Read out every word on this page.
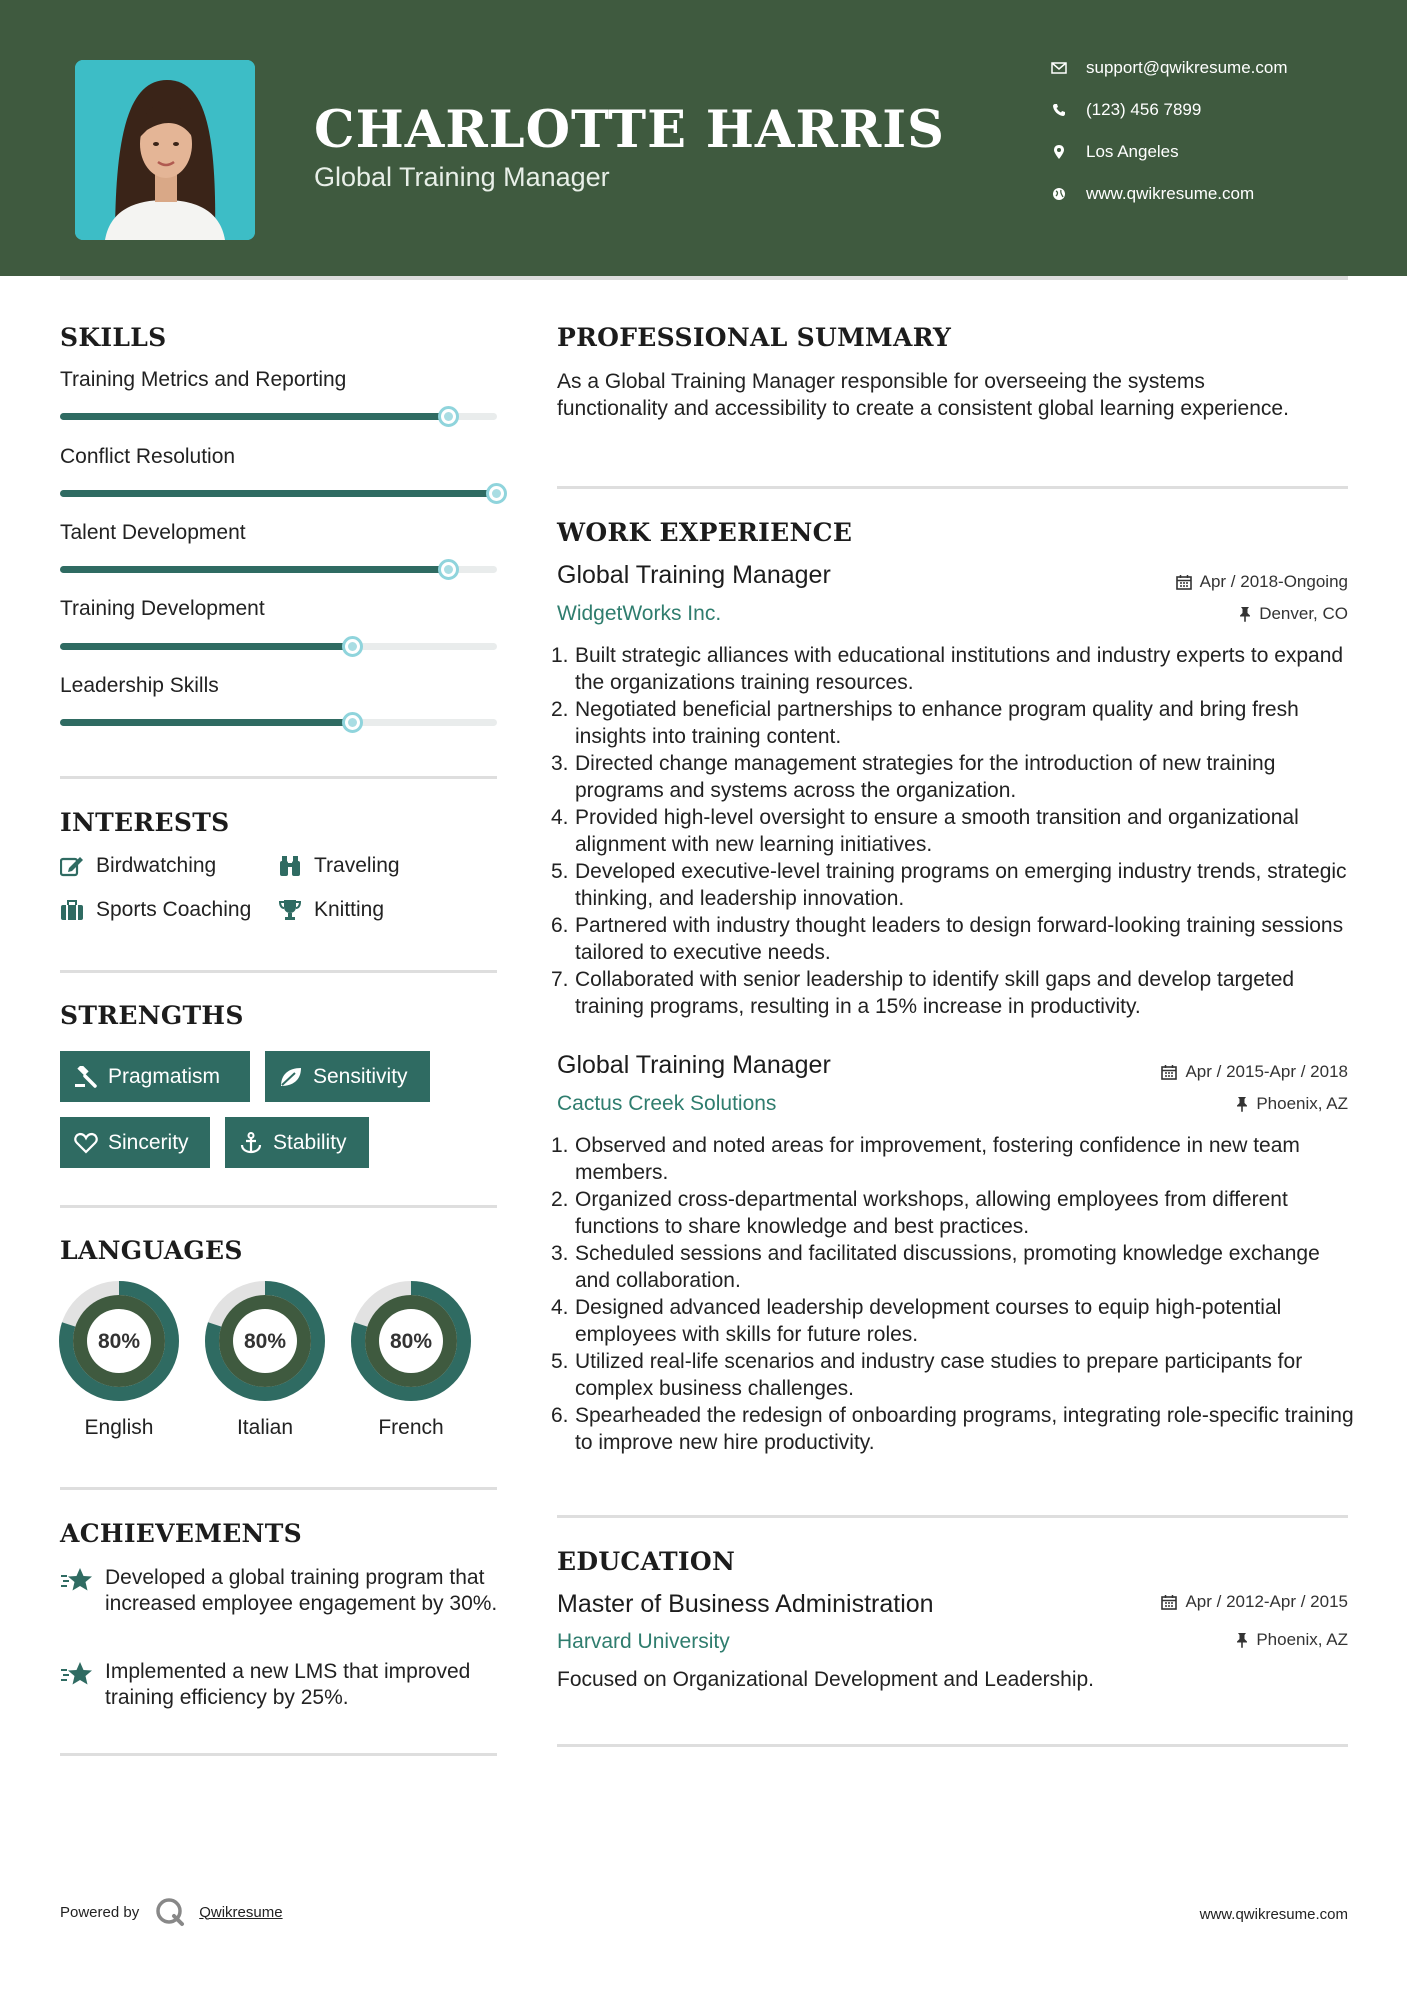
CHARLOTTE HARRIS
Global Training Manager
support@qwikresume.com
(123) 456 7899
Los Angeles
www.qwikresume.com
SKILLS
Training Metrics and Reporting
Conflict Resolution
Talent Development
Training Development
Leadership Skills
INTERESTS
Birdwatching	Traveling
Sports Coaching	Knitting
STRENGTHS
Pragmatism	Sensitivity
Sincerity	Stability
LANGUAGES
80%
English
80%
Italian
80%
French
ACHIEVEMENTS
Developed a global training program that increased employee engagement by 30%.
Implemented a new LMS that improved training efficiency by 25%.
PROFESSIONAL SUMMARY
As a Global Training Manager responsible for overseeing the systems functionality and accessibility to create a consistent global learning experience.
WORK EXPERIENCE
Global Training Manager	Apr / 2018-Ongoing
WidgetWorks Inc.	Denver, CO
1. Built strategic alliances with educational institutions and industry experts to expand the organizations training resources.
2. Negotiated beneficial partnerships to enhance program quality and bring fresh insights into training content.
3. Directed change management strategies for the introduction of new training programs and systems across the organization.
4. Provided high-level oversight to ensure a smooth transition and organizational alignment with new learning initiatives.
5. Developed executive-level training programs on emerging industry trends, strategic thinking, and leadership innovation.
6. Partnered with industry thought leaders to design forward-looking training sessions tailored to executive needs.
7. Collaborated with senior leadership to identify skill gaps and develop targeted training programs, resulting in a 15% increase in productivity.
Global Training Manager	Apr / 2015-Apr / 2018
Cactus Creek Solutions	Phoenix, AZ
1. Observed and noted areas for improvement, fostering confidence in new team members.
2. Organized cross-departmental workshops, allowing employees from different functions to share knowledge and best practices.
3. Scheduled sessions and facilitated discussions, promoting knowledge exchange and collaboration.
4. Designed advanced leadership development courses to equip high-potential employees with skills for future roles.
5. Utilized real-life scenarios and industry case studies to prepare participants for complex business challenges.
6. Spearheaded the redesign of onboarding programs, integrating role-specific training to improve new hire productivity.
EDUCATION
Master of Business Administration	Apr / 2012-Apr / 2015
Harvard University	Phoenix, AZ
Focused on Organizational Development and Leadership.
Powered by	Qwikresume	www.qwikresume.com
